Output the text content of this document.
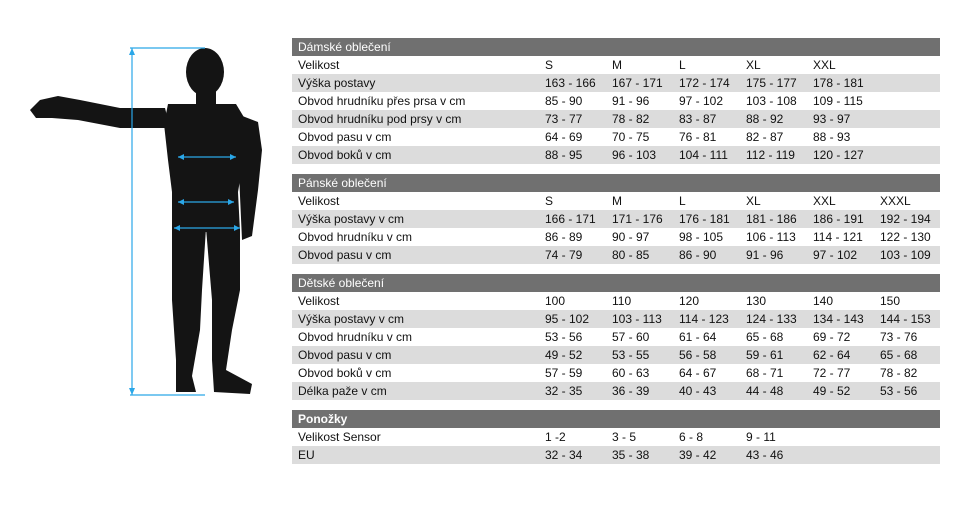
Dámské oblečení
Velikost	S	M	L	XL	XXL
Výška postavy	163 - 166	167 - 171	172 - 174	175 - 177	178 - 181
Obvod hrudníku přes prsa v cm	85 - 90	91 - 96	97 - 102	103 - 108	109 - 115
Obvod hrudníku pod prsy v cm	73 - 77	78 - 82	83 - 87	88 - 92	93 - 97
Obvod pasu v cm	64 - 69	70 - 75	76 - 81	82 - 87	88 - 93
Obvod boků v cm	88 - 95	96 - 103	104 - 111	112 - 119	120 - 127
Pánské oblečení
Velikost	S	M	L	XL	XXL	XXXL
Výška postavy v cm	166 - 171	171 - 176	176 - 181	181 - 186	186 - 191	192 - 194
Obvod hrudníku v cm	86 - 89	90 - 97	98 - 105	106 - 113	114 - 121	122 - 130
Obvod pasu v cm	74 - 79	80 - 85	86 - 90	91 - 96	97 - 102	103 - 109
Dětské oblečení
Velikost	100	110	120	130	140	150
Výška postavy v cm	95 - 102	103 - 113	114 - 123	124 - 133	134 - 143	144 - 153
Obvod hrudníku v cm	53 - 56	57 - 60	61 - 64	65 - 68	69 - 72	73 - 76
Obvod pasu v cm	49 - 52	53 - 55	56 - 58	59 - 61	62 - 64	65 - 68
Obvod boků v cm	57 - 59	60 - 63	64 - 67	68 - 71	72 - 77	78 - 82
Délka paže v cm	32 - 35	36 - 39	40 - 43	44 - 48	49 - 52	53 - 56
Ponožky
Velikost Sensor	1 -2	3 - 5	6 - 8	9 - 11
EU	32 - 34	35 - 38	39 - 42	43 - 46
